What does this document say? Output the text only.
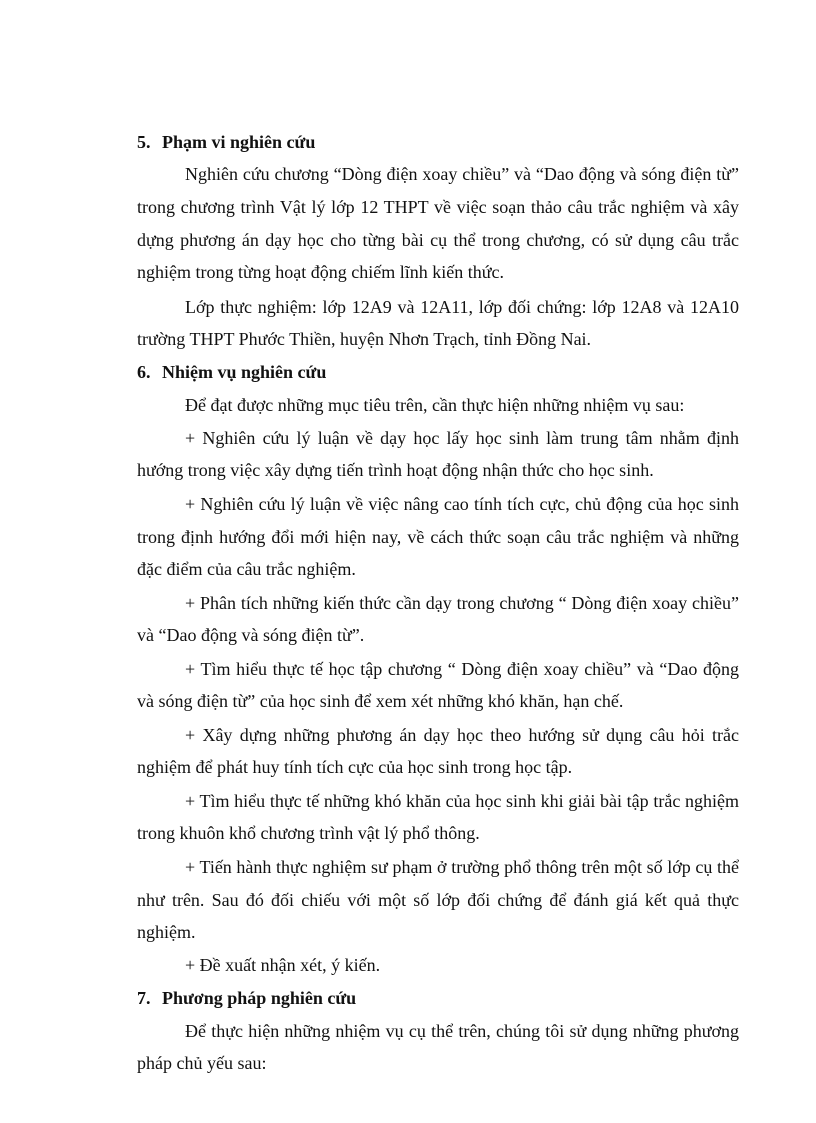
5. Phạm vi nghiên cứu
Nghiên cứu chương “Dòng điện xoay chiều” và “Dao động và sóng điện từ”
trong chương trình Vật lý lớp 12 THPT về việc soạn thảo câu trắc nghiệm và xây
dựng phương án dạy học cho từng bài cụ thể trong chương, có sử dụng câu trắc
nghiệm trong từng hoạt động chiếm lĩnh kiến thức.
Lớp thực nghiệm: lớp 12A9 và 12A11, lớp đối chứng: lớp 12A8 và 12A10
trường THPT Phước Thiền, huyện Nhơn Trạch, tỉnh Đồng Nai.
6. Nhiệm vụ nghiên cứu
Để đạt được những mục tiêu trên, cần thực hiện những nhiệm vụ sau:
+ Nghiên cứu lý luận về dạy học lấy học sinh làm trung tâm nhằm định
hướng trong việc xây dựng tiến trình hoạt động nhận thức cho học sinh.
+ Nghiên cứu lý luận về việc nâng cao tính tích cực, chủ động của học sinh
trong định hướng đổi mới hiện nay, về cách thức soạn câu trắc nghiệm và những
đặc điểm của câu trắc nghiệm.
+ Phân tích những kiến thức cần dạy trong chương “ Dòng điện xoay chiều”
và “Dao động và sóng điện từ”.
+ Tìm hiểu thực tế học tập chương “ Dòng điện xoay chiều” và “Dao động
và sóng điện từ” của học sinh để xem xét những khó khăn, hạn chế.
+ Xây dựng những phương án dạy học theo hướng sử dụng câu hỏi trắc
nghiệm để phát huy tính tích cực của học sinh trong học tập.
+ Tìm hiểu thực tế những khó khăn của học sinh khi giải bài tập trắc nghiệm
trong khuôn khổ chương trình vật lý phổ thông.
+ Tiến hành thực nghiệm sư phạm ở trường phổ thông trên một số lớp cụ thể
như trên. Sau đó đối chiếu với một số lớp đối chứng để đánh giá kết quả thực
nghiệm.
+ Đề xuất nhận xét, ý kiến.
7. Phương pháp nghiên cứu
Để thực hiện những nhiệm vụ cụ thể trên, chúng tôi sử dụng những phương
pháp chủ yếu sau:
